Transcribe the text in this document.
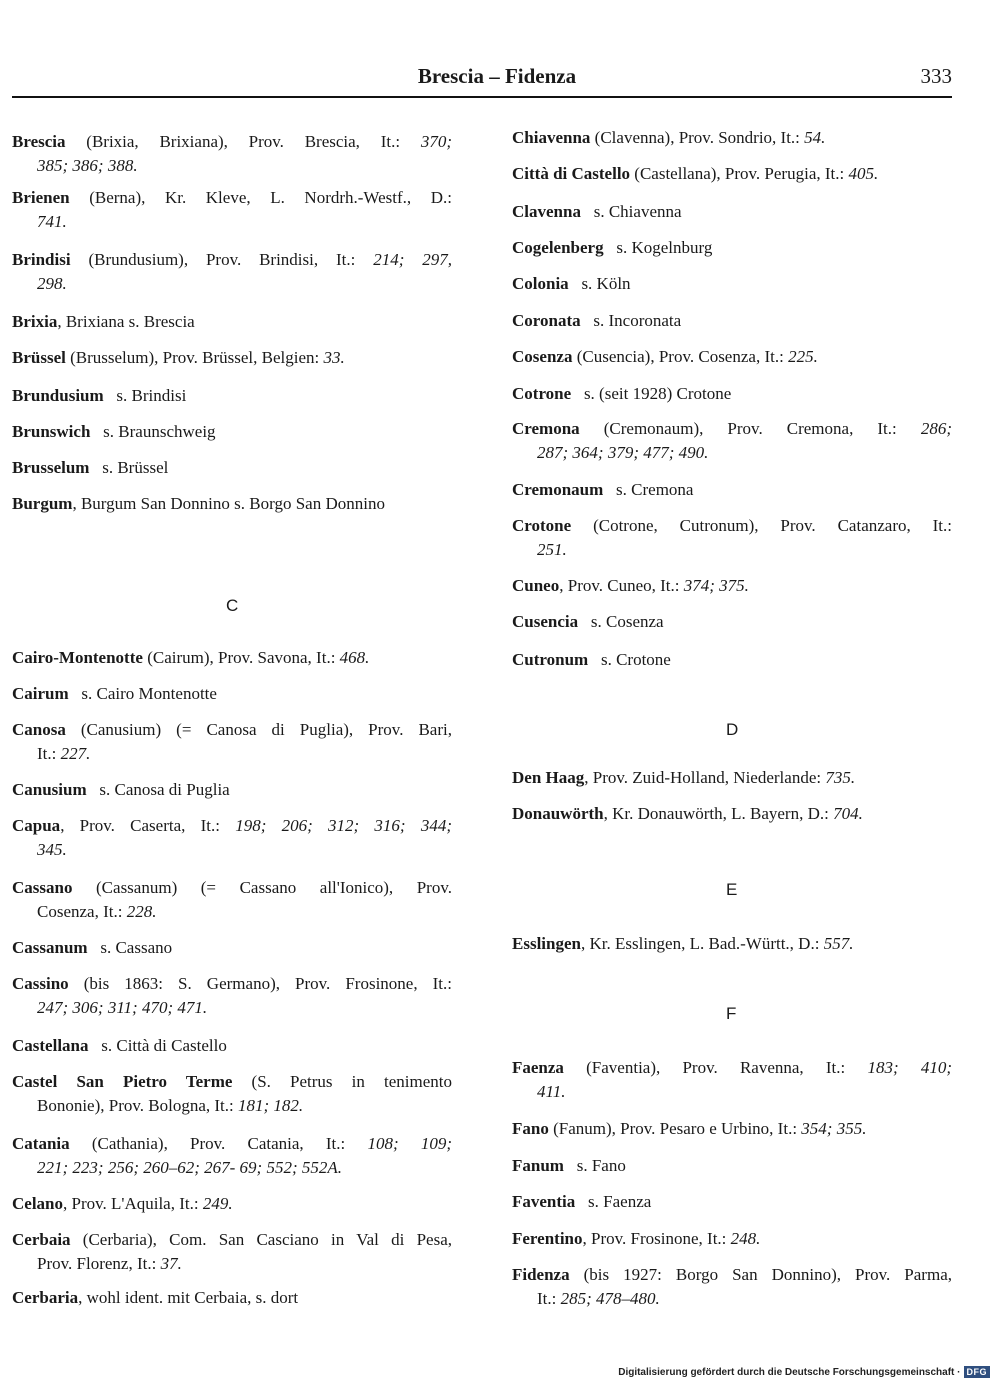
Brescia – Fidenza	333
Brescia (Brixia, Brixiana), Prov. Brescia, It.: 370;
385; 386; 388.
Brienen (Berna), Kr. Kleve, L. Nordrh.-Westf., D.:
741.
Brindisi (Brundusium), Prov. Brindisi, It.: 214; 297,
298.
Brixia, Brixiana s. Brescia
Brüssel (Brusselum), Prov. Brüssel, Belgien: 33.
Brundusium   s. Brindisi
Brunswich   s. Braunschweig
Brusselum   s. Brüssel
Burgum, Burgum San Donnino s. Borgo San Donnino
C
Cairo-Montenotte (Cairum), Prov. Savona, It.: 468.
Cairum   s. Cairo Montenotte
Canosa (Canusium) (= Canosa di Puglia), Prov. Bari,
It.: 227.
Canusium   s. Canosa di Puglia
Capua, Prov. Caserta, It.: 198; 206; 312; 316; 344;
345.
Cassano (Cassanum) (= Cassano all'Ionico), Prov.
Cosenza, It.: 228.
Cassanum   s. Cassano
Cassino (bis 1863: S. Germano), Prov. Frosinone, It.:
247; 306; 311; 470; 471.
Castellana   s. Città di Castello
Castel San Pietro Terme (S. Petrus in tenimento
Bononie), Prov. Bologna, It.: 181; 182.
Catania (Cathania), Prov. Catania, It.: 108; 109;
221; 223; 256; 260–62; 267- 69; 552; 552A.
Celano, Prov. L'Aquila, It.: 249.
Cerbaia (Cerbaria), Com. San Casciano in Val di Pesa,
Prov. Florenz, It.: 37.
Cerbaria, wohl ident. mit Cerbaia, s. dort
Chiavenna (Clavenna), Prov. Sondrio, It.: 54.
Città di Castello (Castellana), Prov. Perugia, It.: 405.
Clavenna   s. Chiavenna
Cogelenberg   s. Kogelnburg
Colonia   s. Köln
Coronata   s. Incoronata
Cosenza (Cusencia), Prov. Cosenza, It.: 225.
Cotrone   s. (seit 1928) Crotone
Cremona (Cremonaum), Prov. Cremona, It.: 286;
287; 364; 379; 477; 490.
Cremonaum   s. Cremona
Crotone (Cotrone, Cutronum), Prov. Catanzaro, It.:
251.
Cuneo, Prov. Cuneo, It.: 374; 375.
Cusencia   s. Cosenza
Cutronum   s. Crotone
D
Den Haag, Prov. Zuid-Holland, Niederlande: 735.
Donauwörth, Kr. Donauwörth, L. Bayern, D.: 704.
E
Esslingen, Kr. Esslingen, L. Bad.-Württ., D.: 557.
F
Faenza (Faventia), Prov. Ravenna, It.: 183; 410;
411.
Fano (Fanum), Prov. Pesaro e Urbino, It.: 354; 355.
Fanum   s. Fano
Faventia   s. Faenza
Ferentino, Prov. Frosinone, It.: 248.
Fidenza (bis 1927: Borgo San Donnino), Prov. Parma,
It.: 285; 478–480.
Digitalisierung gefördert durch die Deutsche Forschungsgemeinschaft · DFG
